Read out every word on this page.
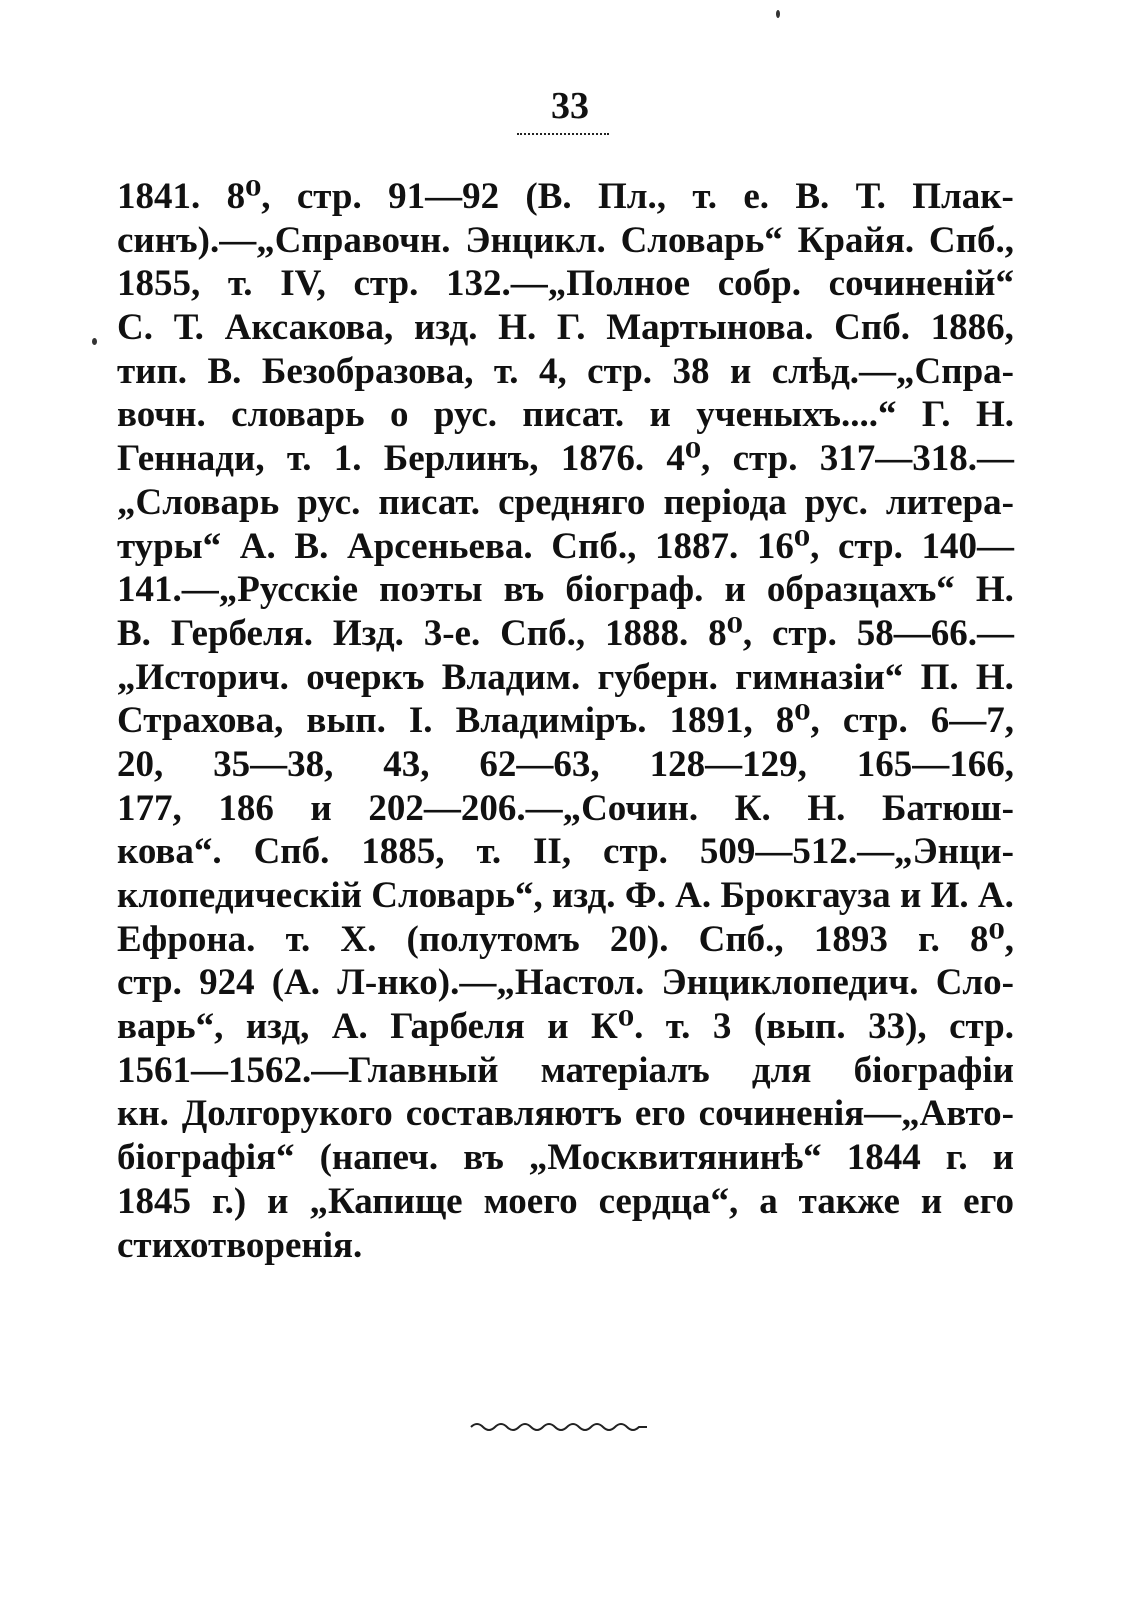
33
1841. 8⁰, стр. 91—92 (В. Пл., т. е. В. Т. Плак-
синъ).—„Справочн. Энцикл. Словарь“ Крайя. Спб.,
1855, т. IV, стр. 132.—„Полное собр. сочиненій“
С. Т. Аксакова, изд. Н. Г. Мартынова. Спб. 1886,
тип. В. Безобразова, т. 4, стр. 38 и слѣд.—„Спра-
вочн. словарь о рус. писат. и ученыхъ....“ Г. Н.
Геннади, т. 1. Берлинъ, 1876. 4⁰, стр. 317—318.—
„Словарь рус. писат. средняго періода рус. литера-
туры“ А. В. Арсеньева. Спб., 1887. 16⁰, стр. 140—
141.—„Русскіе поэты въ біограф. и образцахъ“ Н.
В. Гербеля. Изд. 3-е. Спб., 1888. 8⁰, стр. 58—66.—
„Историч. очеркъ Владим. губерн. гимназіи“ П. Н.
Страхова, вып. I. Владиміръ. 1891, 8⁰, стр. 6—7,
20, 35—38, 43, 62—63, 128—129, 165—166,
177, 186 и 202—206.—„Сочин. К. Н. Батюш-
кова“. Спб. 1885, т. II, стр. 509—512.—„Энци-
клопедическій Словарь“, изд. Ф. А. Брокгауза и И. А.
Ефрона. т. X. (полутомъ 20). Спб., 1893 г. 8⁰,
стр. 924 (А. Л-нко).—„Настол. Энциклопедич. Сло-
варь“, изд, А. Гарбеля и К⁰. т. 3 (вып. 33), стр.
1561—1562.—Главный матеріалъ для біографіи
кн. Долгорукого составляютъ его сочиненія—„Авто-
біографія“ (напеч. въ „Москвитянинѣ“ 1844 г. и
1845 г.) и „Капище моего сердца“, а также и его
стихотворенія.
